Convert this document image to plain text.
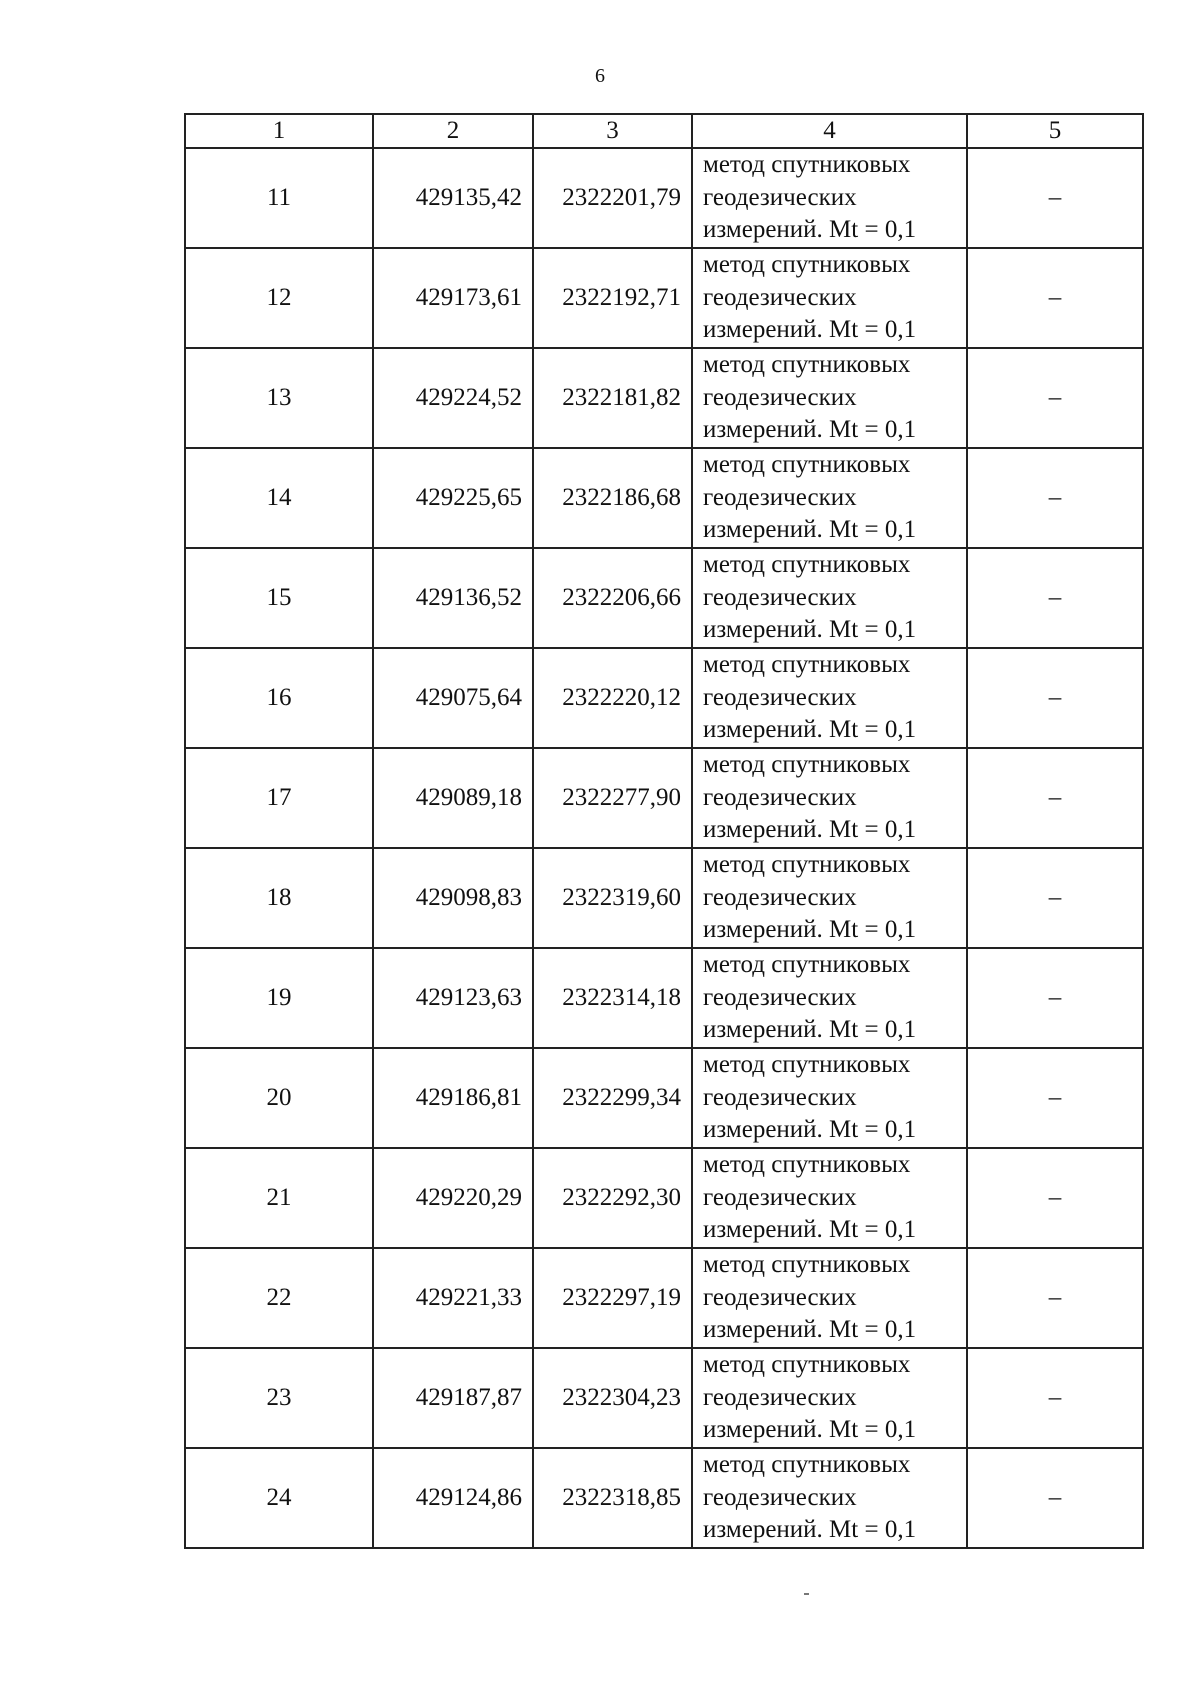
6
1	2	3	4	5
11	429135,42	2322201,79	метод спутниковых
геодезических
измерений. Mt = 0,1	–
12	429173,61	2322192,71	метод спутниковых
геодезических
измерений. Mt = 0,1	–
13	429224,52	2322181,82	метод спутниковых
геодезических
измерений. Mt = 0,1	–
14	429225,65	2322186,68	метод спутниковых
геодезических
измерений. Mt = 0,1	–
15	429136,52	2322206,66	метод спутниковых
геодезических
измерений. Mt = 0,1	–
16	429075,64	2322220,12	метод спутниковых
геодезических
измерений. Mt = 0,1	–
17	429089,18	2322277,90	метод спутниковых
геодезических
измерений. Mt = 0,1	–
18	429098,83	2322319,60	метод спутниковых
геодезических
измерений. Mt = 0,1	–
19	429123,63	2322314,18	метод спутниковых
геодезических
измерений. Mt = 0,1	–
20	429186,81	2322299,34	метод спутниковых
геодезических
измерений. Mt = 0,1	–
21	429220,29	2322292,30	метод спутниковых
геодезических
измерений. Mt = 0,1	–
22	429221,33	2322297,19	метод спутниковых
геодезических
измерений. Mt = 0,1	–
23	429187,87	2322304,23	метод спутниковых
геодезических
измерений. Mt = 0,1	–
24	429124,86	2322318,85	метод спутниковых
геодезических
измерений. Mt = 0,1	–
